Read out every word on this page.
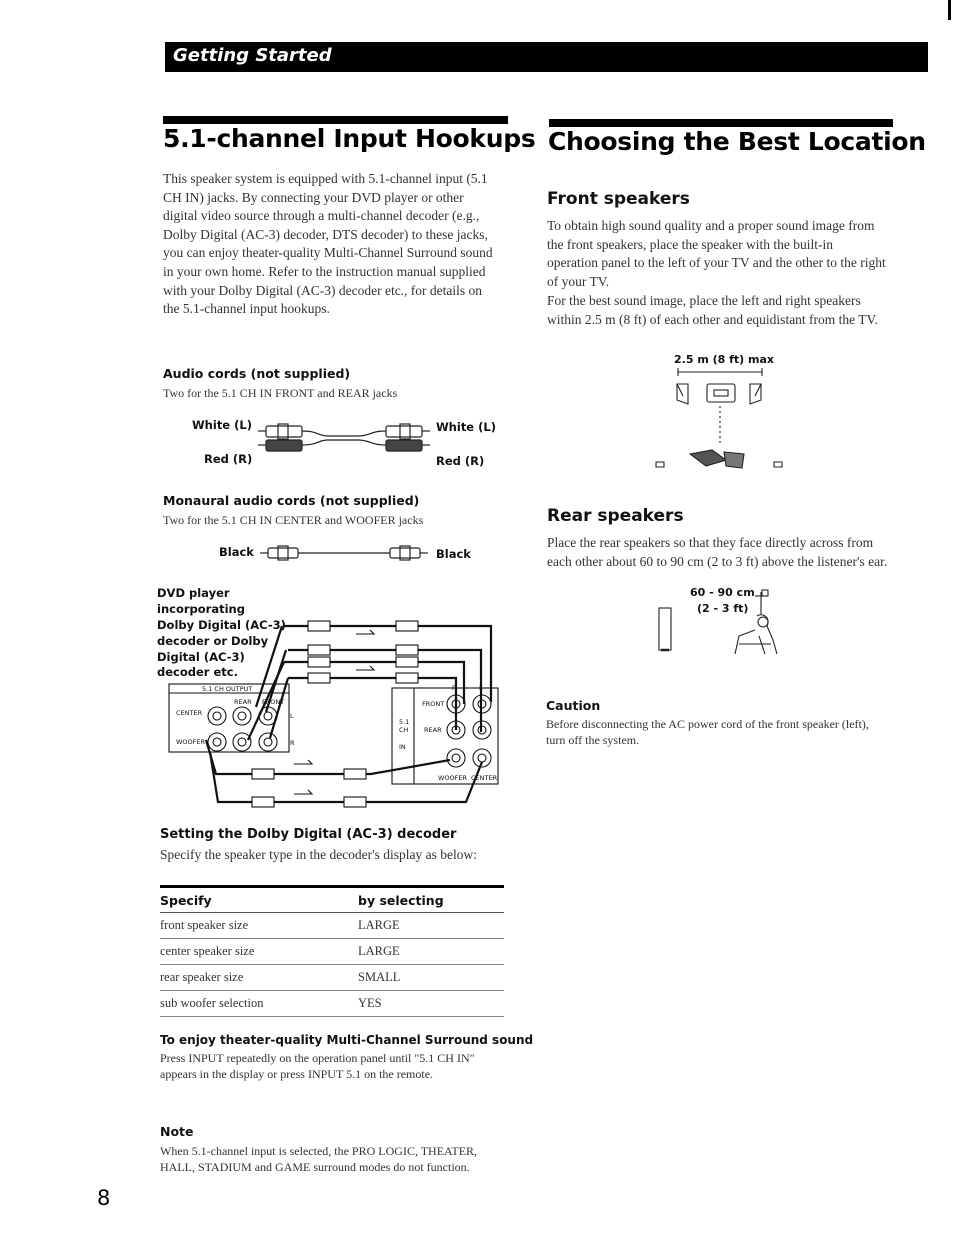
Getting Started
5.1-channel Input Hookups
This speaker system is equipped with 5.1-channel input (5.1 CH IN) jacks. By connecting your DVD player or other digital video source through a multi-channel decoder (e.g., Dolby Digital (AC-3) decoder, DTS decoder) to these jacks, you can enjoy theater-quality Multi-Channel Surround sound in your own home. Refer to the instruction manual supplied with your Dolby Digital (AC-3) decoder etc., for details on the 5.1-channel input hookups.
Audio cords (not supplied)
Two for the 5.1 CH IN FRONT and REAR jacks
White (L)
Red (R)
White (L)
Red (R)
Monaural audio cords (not supplied)
Two for the 5.1 CH IN CENTER and WOOFER jacks
Black	Black
DVD player
incorporating
Dolby Digital (AC-3)
decoder or Dolby
Digital (AC-3)
decoder etc.
5.1 CH OUTPUT
CENTER
WOOFER
REAR FRONT
L
R
FRONT
REAR
5.1
CH
IN
R	L
WOOFER CENTER
Setting the Dolby Digital (AC-3) decoder
Specify the speaker type in the decoder's display as below:
Specify	by selecting
front speaker size	LARGE
center speaker size	LARGE
rear speaker size	SMALL
sub woofer selection	YES
To enjoy theater-quality Multi-Channel Surround sound
Press INPUT repeatedly on the operation panel until "5.1 CH IN" appears in the display or press INPUT 5.1 on the remote.
Note
When 5.1-channel input is selected, the PRO LOGIC, THEATER, HALL, STADIUM and GAME surround modes do not function.
8
Choosing the Best Location
Front speakers
To obtain high sound quality and a proper sound image from the front speakers, place the speaker with the built-in operation panel to the left of your TV and the other to the right of your TV.
For the best sound image, place the left and right speakers within 2.5 m (8 ft) of each other and equidistant from the TV.
2.5 m (8 ft) max
Rear speakers
Place the rear speakers so that they face directly across from each other about 60 to 90 cm (2 to 3 ft) above the listener's ear.
60 - 90 cm
(2 - 3 ft)
Caution
Before disconnecting the AC power cord of the front speaker (left), turn off the system.
